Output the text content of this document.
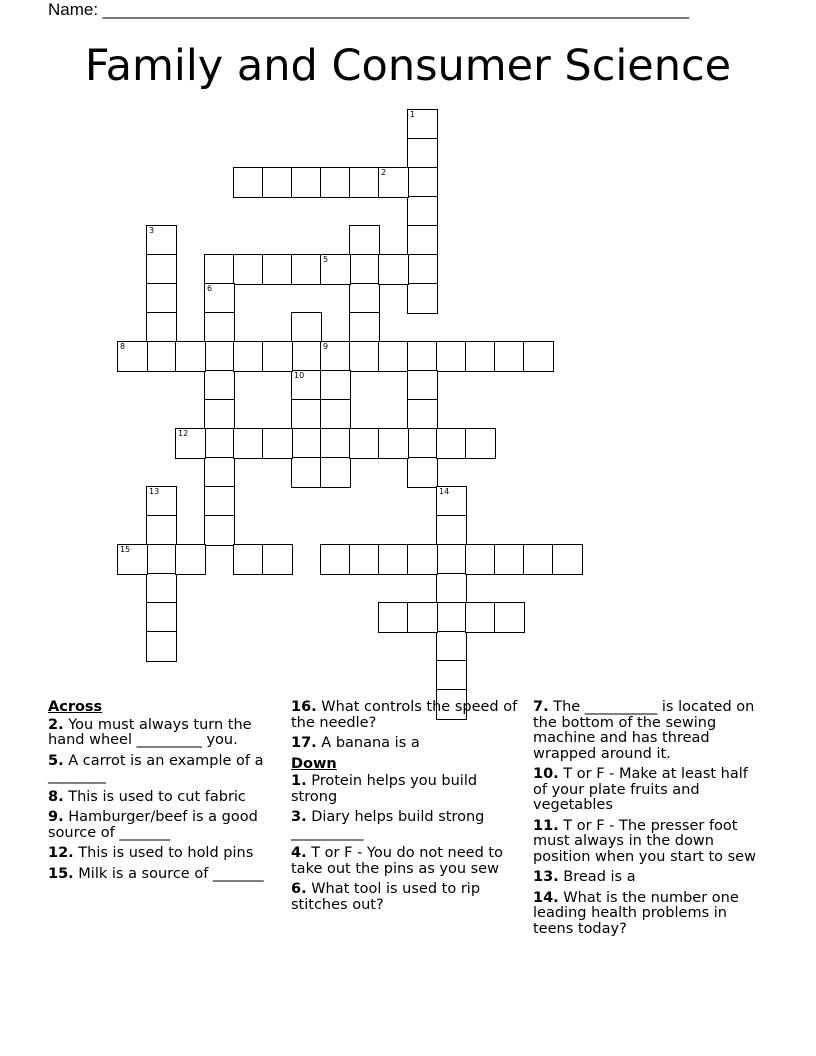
Name: ______________________________________________________________
Family and Consumer Science
1
2
3
5
6
10
8	9
12
13
15
14
Across
2. You must always turn the hand wheel _________ you.
5. A carrot is an example of a ________
8. This is used to cut fabric
9. Hamburger/beef is a good source of _______
12. This is used to hold pins
15. Milk is a source of _______
16. What controls the speed of the needle?
17. A banana is a
Down
1. Protein helps you build strong
3. Diary helps build strong __________
4. T or F - You do not need to take out the pins as you sew
6. What tool is used to rip stitches out?
7. The __________ is located on the bottom of the sewing machine and has thread wrapped around it.
10. T or F - Make at least half of your plate fruits and vegetables
11. T or F - The presser foot must always in the down position when you start to sew
13. Bread is a
14. What is the number one leading health problems in teens today?
